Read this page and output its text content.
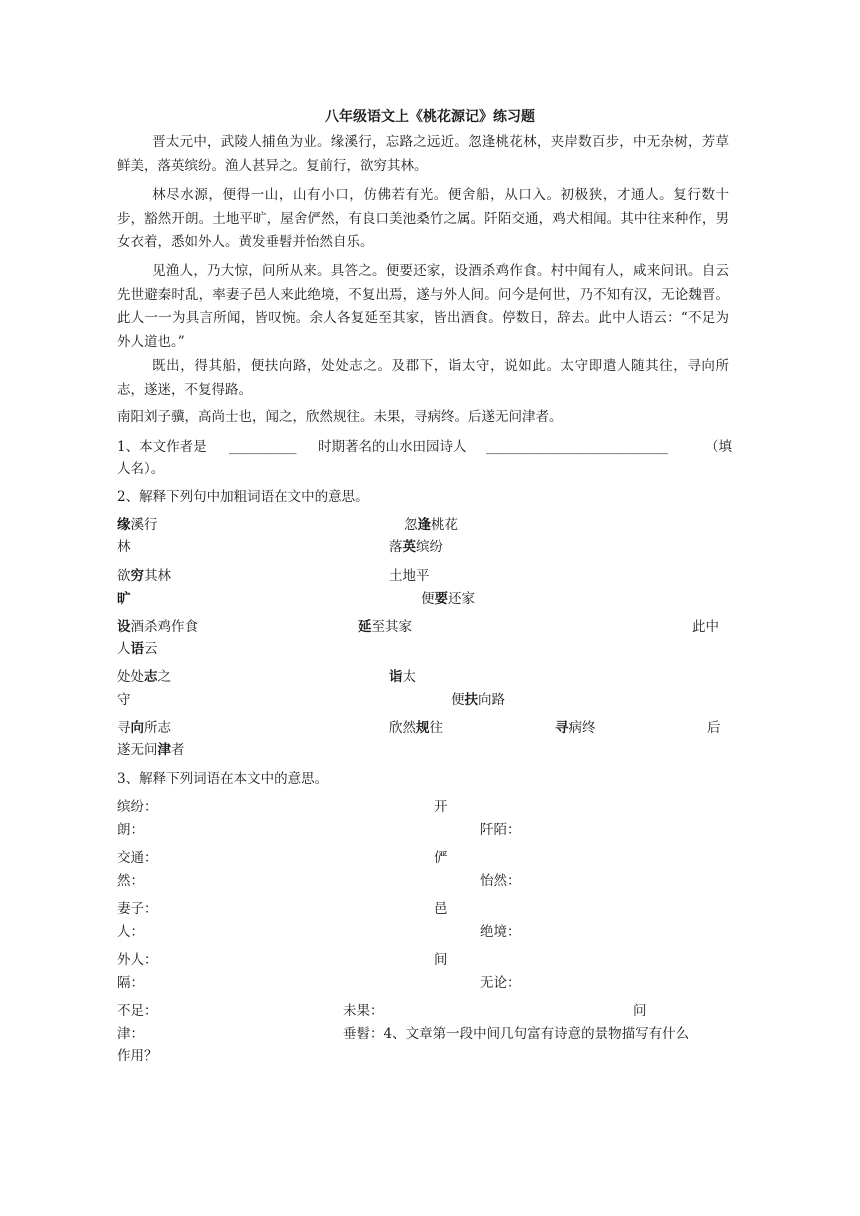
八年级语文上《桃花源记》练习题
晋太元中，武陵人捕鱼为业。缘溪行，忘路之远近。忽逢桃花林，夹岸数百步，中无杂树，芳草鲜美，落英缤纷。渔人甚异之。复前行，欲穷其林。
林尽水源，便得一山，山有小口，仿佛若有光。便舍船，从口入。初极狭，才通人。复行数十步，豁然开朗。土地平旷，屋舍俨然，有良口美池桑竹之属。阡陌交通，鸡犬相闻。其中往来种作，男女衣着，悉如外人。黄发垂髫并怡然自乐。
见渔人，乃大惊，问所从来。具答之。便要还家，设酒杀鸡作食。村中闻有人，咸来问讯。自云先世避秦时乱，率妻子邑人来此绝境，不复出焉，遂与外人间。问今是何世，乃不知有汉，无论魏晋。此人一一为具言所闻，皆叹惋。余人各复延至其家，皆出酒食。停数日，辞去。此中人语云：“不足为外人道也。”
既出，得其船，便扶向路，处处志之。及郡下，诣太守，说如此。太守即遣人随其往，寻向所志，遂迷，不复得路。
南阳刘子骥，高尚士也，闻之，欣然规往。未果，寻病终。后遂无问津者。
1、本文作者是 __________ 时期著名的山水田园诗人 ___________________________	（填
人名）。
2、解释下列句中加粗词语在文中的意思。
缘溪行	忽逢桃花
林	落英缤纷
欲穷其林	土地平
旷	便要还家
设酒杀鸡作食	延至其家	此中
人语云
处处志之	诣太
守	便扶向路
寻向所志	欣然规往	寻病终	后
遂无问津者
3、解释下列词语在本文中的意思。
缤纷：	开
朗：	阡陌：
交通：	俨
然：	怡然：
妻子：	邑
人：	绝境：
外人：	间
隔：	无论：
不足：	未果：	问
津：	垂髫：4、文章第一段中间几句富有诗意的景物描写有什么
作用？
